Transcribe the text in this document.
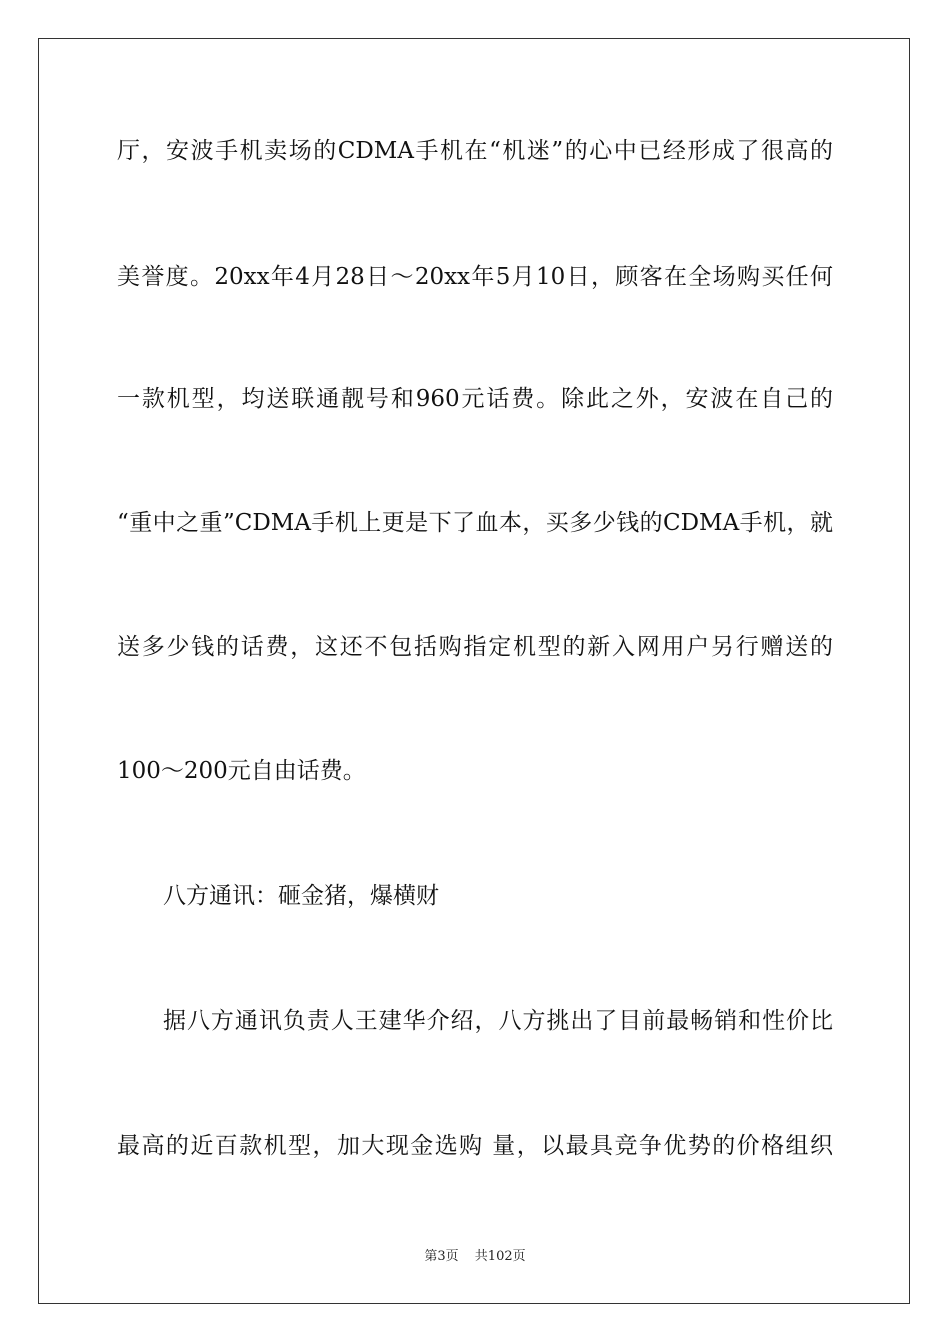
厅，安波手机卖场的CDMA手机在“机迷”的心中已经形成了很高的
美誉度。20xx年4月28日～20xx年5月10日，顾客在全场购买任何
一款机型，均送联通靓号和960元话费。除此之外，安波在自己的
“重中之重”CDMA手机上更是下了血本，买多少钱的CDMA手机，就
送多少钱的话费，这还不包括购指定机型的新入网用户另行赠送的
100～200元自由话费。
八方通讯：砸金猪，爆横财
据八方通讯负责人王建华介绍，八方挑出了目前最畅销和性价比
最高的近百款机型，加大现金选购 量，以最具竞争优势的价格组织
第3页 共102页
